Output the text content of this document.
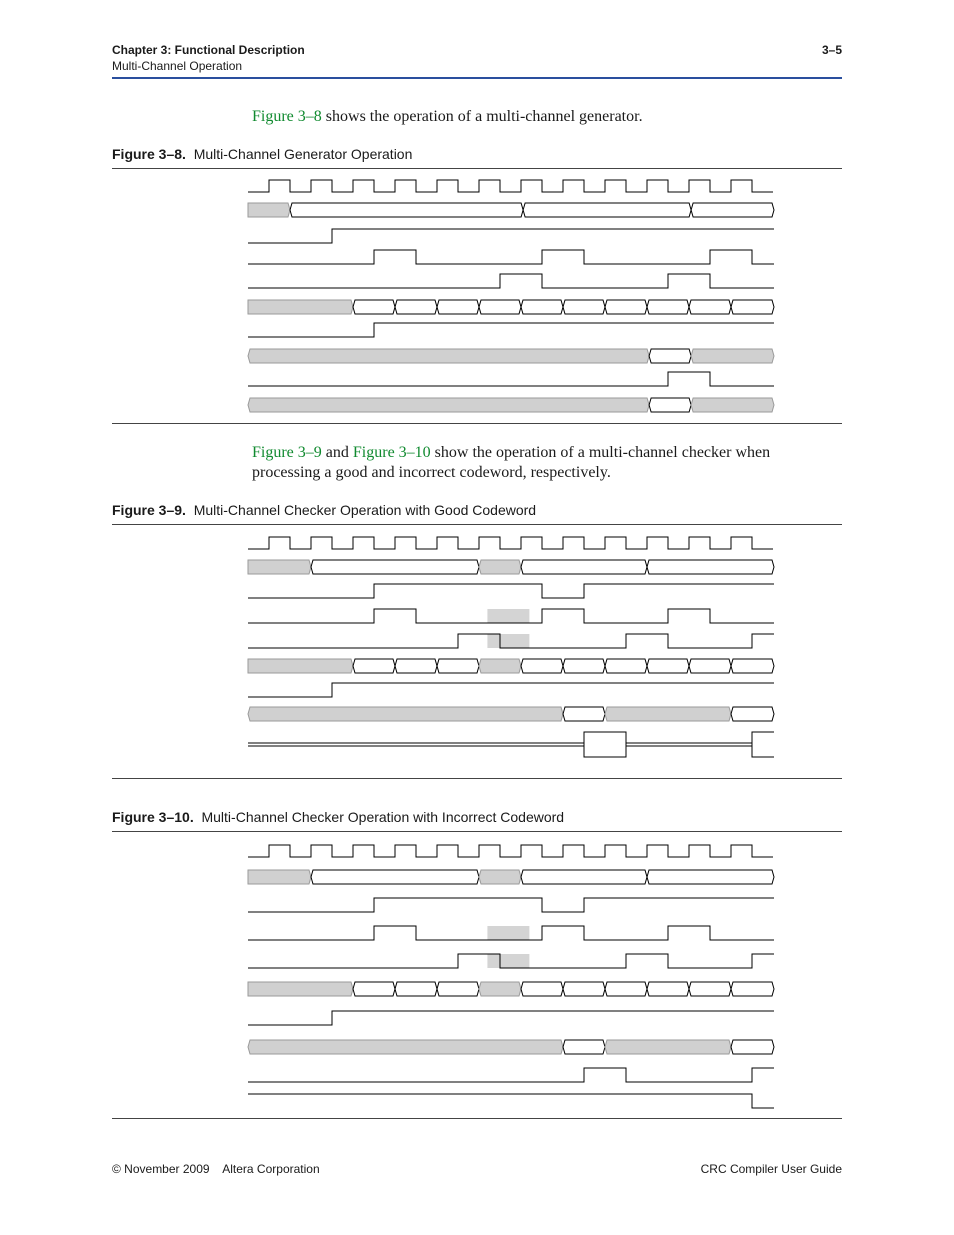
Chapter 3: Functional Description
Multi-Channel Operation
3–5
Figure 3–8 shows the operation of a multi-channel generator.
Figure 3–8. Multi-Channel Generator Operation
Figure 3–9 and Figure 3–10 show the operation of a multi-channel checker when processing a good and incorrect codeword, respectively.
Figure 3–9. Multi-Channel Checker Operation with Good Codeword
Figure 3–10. Multi-Channel Checker Operation with Incorrect Codeword
© November 2009 Altera Corporation	CRC Compiler User Guide
